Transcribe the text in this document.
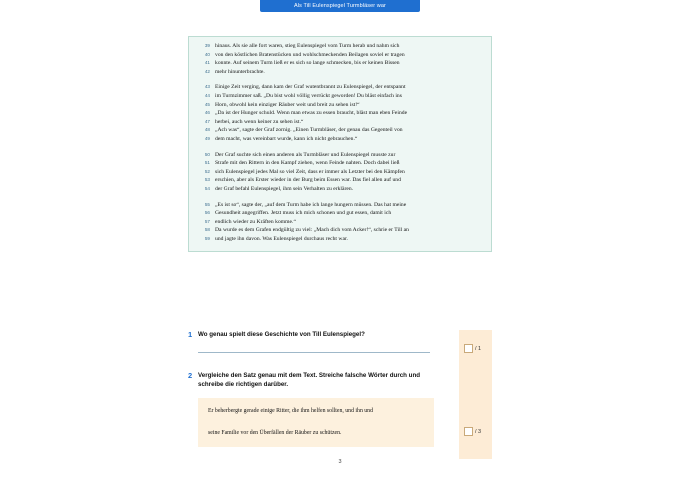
Als Till Eulenspiegel Turmbläser war
39 hinaus. Als sie alle fort waren, stieg Eulenspiegel vom Turm herab und nahm sich
40 von den köstlichen Bratenstücken und wohlschmeckenden Beilagen soviel er tragen
41 konnte. Auf seinem Turm ließ er es sich so lange schmecken, bis er keinen Bissen
42 mehr hinunterbrachte.
43 Einige Zeit verging, dann kam der Graf wutentbrannt zu Eulenspiegel, der entspannt
44 im Turmzimmer saß. „Du bist wohl völlig verrückt geworden! Du bläst einfach ins
45 Horn, obwohl kein einziger Räuber weit und breit zu sehen ist!“
46 „Da ist der Hunger schuld. Wenn man etwas zu essen braucht, bläst man eben Feinde
47 herbei, auch wenn keiner zu sehen ist.“
48 „Ach was“, sagte der Graf zornig. „Einen Turmbläser, der genau das Gegenteil von
49 dem macht, was vereinbart wurde, kann ich nicht gebrauchen.“
50 Der Graf suchte sich einen anderen als Turmbläser und Eulenspiegel musste zur
51 Strafe mit den Rittern in den Kampf ziehen, wenn Feinde nahten. Doch dabei ließ
52 sich Eulenspiegel jedes Mal so viel Zeit, dass er immer als Letzter bei den Kämpfen
53 erschien, aber als Erster wieder in der Burg beim Essen war. Das fiel allen auf und
54 der Graf befahl Eulenspiegel, ihm sein Verhalten zu erklären.
55 „Es ist so“, sagte der, „auf dem Turm habe ich lange hungern müssen. Das hat meine
56 Gesundheit angegriffen. Jetzt muss ich mich schonen und gut essen, damit ich
57 endlich wieder zu Kräften komme.“
58 Da wurde es dem Grafen endgültig zu viel: „Mach dich vom Acker!“, schrie er Till an
59 und jagte ihn davon. Was Eulenspiegel durchaus recht war.
1 Wo genau spielt diese Geschichte von Till Eulenspiegel?
2 Vergleiche den Satz genau mit dem Text. Streiche falsche Wörter durch und
schreibe die richtigen darüber.

Er beherbergte gerade einige Ritter, die ihm helfen sollten, und ihn und

seine Familie vor den Überfällen der Räuber zu schützen.

/ 1
/ 3
3
